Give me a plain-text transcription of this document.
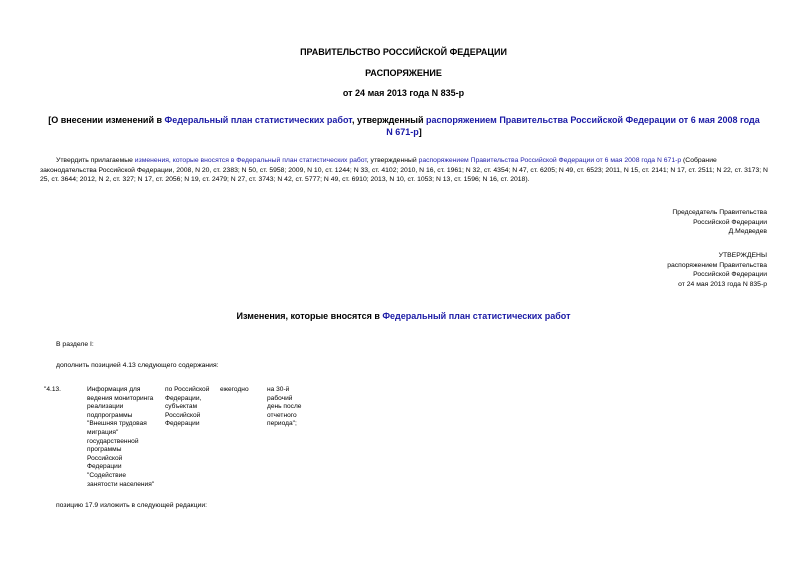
ПРАВИТЕЛЬСТВО РОССИЙСКОЙ ФЕДЕРАЦИИ
РАСПОРЯЖЕНИЕ
от 24 мая 2013 года N 835-р
[О внесении изменений в Федеральный план статистических работ, утвержденный распоряжением Правительства Российской Федерации от 6 мая 2008 года N 671-р]
Утвердить прилагаемые изменения, которые вносятся в Федеральный план статистических работ, утвержденный распоряжением Правительства Российской Федерации от 6 мая 2008 года N 671-р (Собрание законодательства Российской Федерации, 2008, N 20, ст. 2383; N 50, ст. 5958; 2009, N 10, ст. 1244; N 33, ст. 4102; 2010, N 16, ст. 1961; N 32, ст. 4354; N 47, ст. 6205; N 49, ст. 6523; 2011, N 15, ст. 2141; N 17, ст. 2511; N 22, ст. 3173; N 25, ст. 3644; 2012, N 2, ст. 327; N 17, ст. 2056; N 19, ст. 2479; N 27, ст. 3743; N 42, ст. 5777; N 49, ст. 6910; 2013, N 10, ст. 1053; N 13, ст. 1596; N 16, ст. 2018).
Председатель Правительства
Российской Федерации
Д.Медведев
УТВЕРЖДЕНЫ
распоряжением Правительства
Российской Федерации
от 24 мая 2013 года N 835-р
Изменения, которые вносятся в Федеральный план статистических работ
В разделе I:
дополнить позицией 4.13 следующего содержания:
"4.13.	Информация для
ведения мониторинга
реализации
подпрограммы
"Внешняя трудовая
миграция"
государственной
программы
Российской
Федерации
"Содействие
занятости населения"
по Российской
Федерации,
субъектам
Российской
Федерации
ежегодно	на 30-й
рабочий
день после
отчетного
периода";
позицию 17.9 изложить в следующей редакции:
